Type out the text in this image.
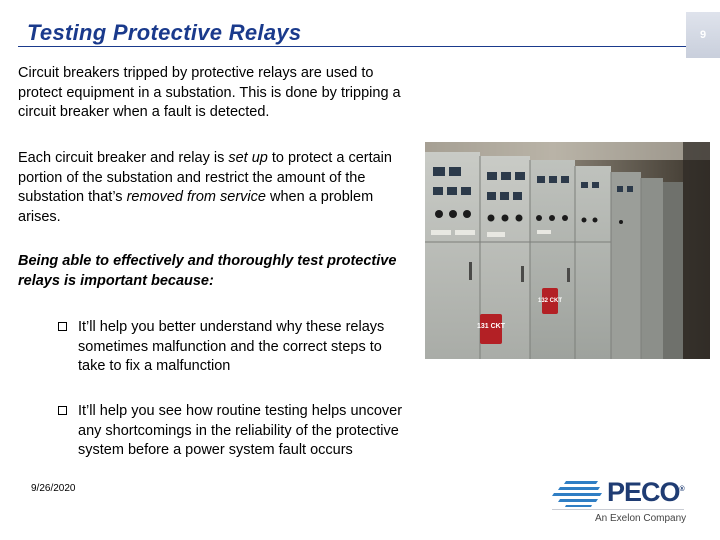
Testing Protective Relays	9
Circuit breakers tripped by protective relays are used to protect equipment in a substation. This is done by tripping a circuit breaker when a fault is detected.
Each circuit breaker and relay is set up to protect a certain portion of the substation and restrict the amount of the substation that’s removed from service when a problem arises.
Being able to effectively and thoroughly test protective relays is important because:
It’ll help you better understand why these relays sometimes malfunction and the correct steps to take to fix a malfunction
It’ll help you see how routine testing helps uncover any shortcomings in the reliability of the protective system before a power system fault occurs
9/26/2020
131 CKT
132 CKT
PECO®
An Exelon Company
